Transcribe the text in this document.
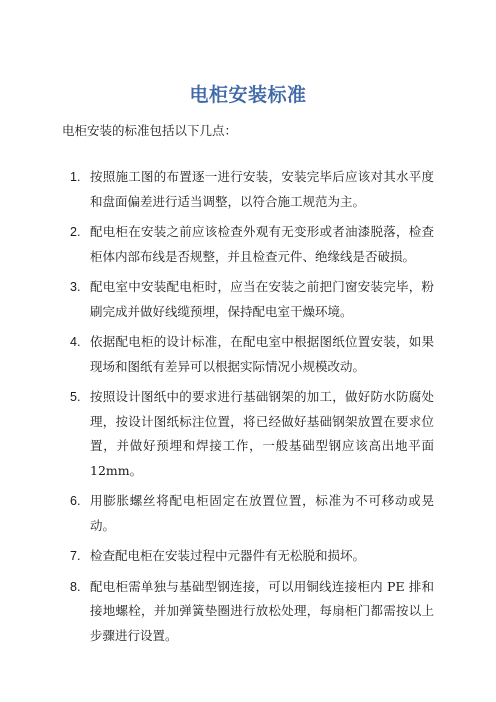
电柜安装标准
电柜安装的标准包括以下几点：
1. 按照施工图的布置逐一进行安装，安装完毕后应该对其水平度和盘面偏差进行适当调整，以符合施工规范为主。
2. 配电柜在安装之前应该检查外观有无变形或者油漆脱落，检查柜体内部布线是否规整，并且检查元件、绝缘线是否破损。
3. 配电室中安装配电柜时，应当在安装之前把门窗安装完毕，粉刷完成并做好线缆预埋，保持配电室干燥环境。
4. 依据配电柜的设计标准，在配电室中根据图纸位置安装，如果现场和图纸有差异可以根据实际情况小规模改动。
5. 按照设计图纸中的要求进行基础钢架的加工，做好防水防腐处理，按设计图纸标注位置，将已经做好基础钢架放置在要求位置，并做好预埋和焊接工作，一般基础型钢应该高出地平面 12mm。
6. 用膨胀螺丝将配电柜固定在放置位置，标准为不可移动或晃动。
7. 检查配电柜在安装过程中元器件有无松脱和损坏。
8. 配电柜需单独与基础型钢连接，可以用铜线连接柜内 PE 排和接地螺栓，并加弹簧垫圈进行放松处理，每扇柜门都需按以上步骤进行设置。
